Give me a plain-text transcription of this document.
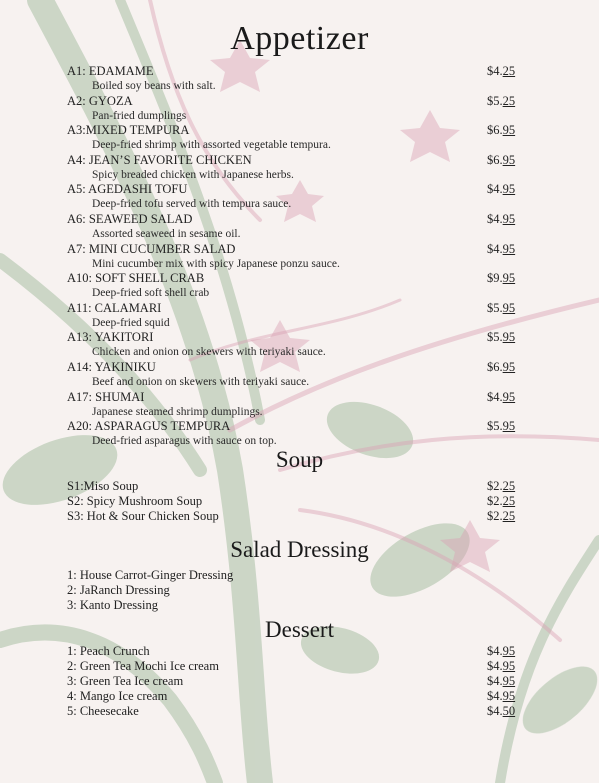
Appetizer
A1: EDAMAME	$4.25
Boiled soy beans with salt.
A2: GYOZA	$5.25
Pan-fried dumplings
A3:MIXED TEMPURA	$6.95
Deep-fried shrimp with assorted vegetable tempura.
A4: JEAN’S FAVORITE CHICKEN	$6.95
Spicy breaded chicken with Japanese herbs.
A5: AGEDASHI TOFU	$4.95
Deep-fried tofu served with tempura sauce.
A6: SEAWEED SALAD	$4.95
Assorted seaweed in sesame oil.
A7: MINI CUCUMBER SALAD	$4.95
Mini cucumber mix with spicy Japanese ponzu sauce.
A10: SOFT SHELL CRAB	$9.95
Deep-fried soft shell crab
A11: CALAMARI	$5.95
Deep-fried squid
A13: YAKITORI	$5.95
Chicken and onion on skewers with teriyaki sauce.
A14: YAKINIKU	$6.95
Beef and onion on skewers with teriyaki sauce.
A17: SHUMAI	$4.95
Japanese steamed shrimp dumplings.
A20: ASPARAGUS TEMPURA	$5.95
Deed-fried asparagus with sauce on top.
Soup
S1:Miso Soup	$2.25
S2: Spicy Mushroom Soup	$2.25
S3: Hot & Sour Chicken Soup	$2.25
Salad Dressing
1: House Carrot-Ginger Dressing
2: JaRanch Dressing
3: Kanto Dressing
Dessert
1: Peach Crunch	$4.95
2: Green Tea Mochi Ice cream	$4.95
3: Green Tea Ice cream	$4.95
4: Mango Ice cream	$4.95
5: Cheesecake	$4.50
